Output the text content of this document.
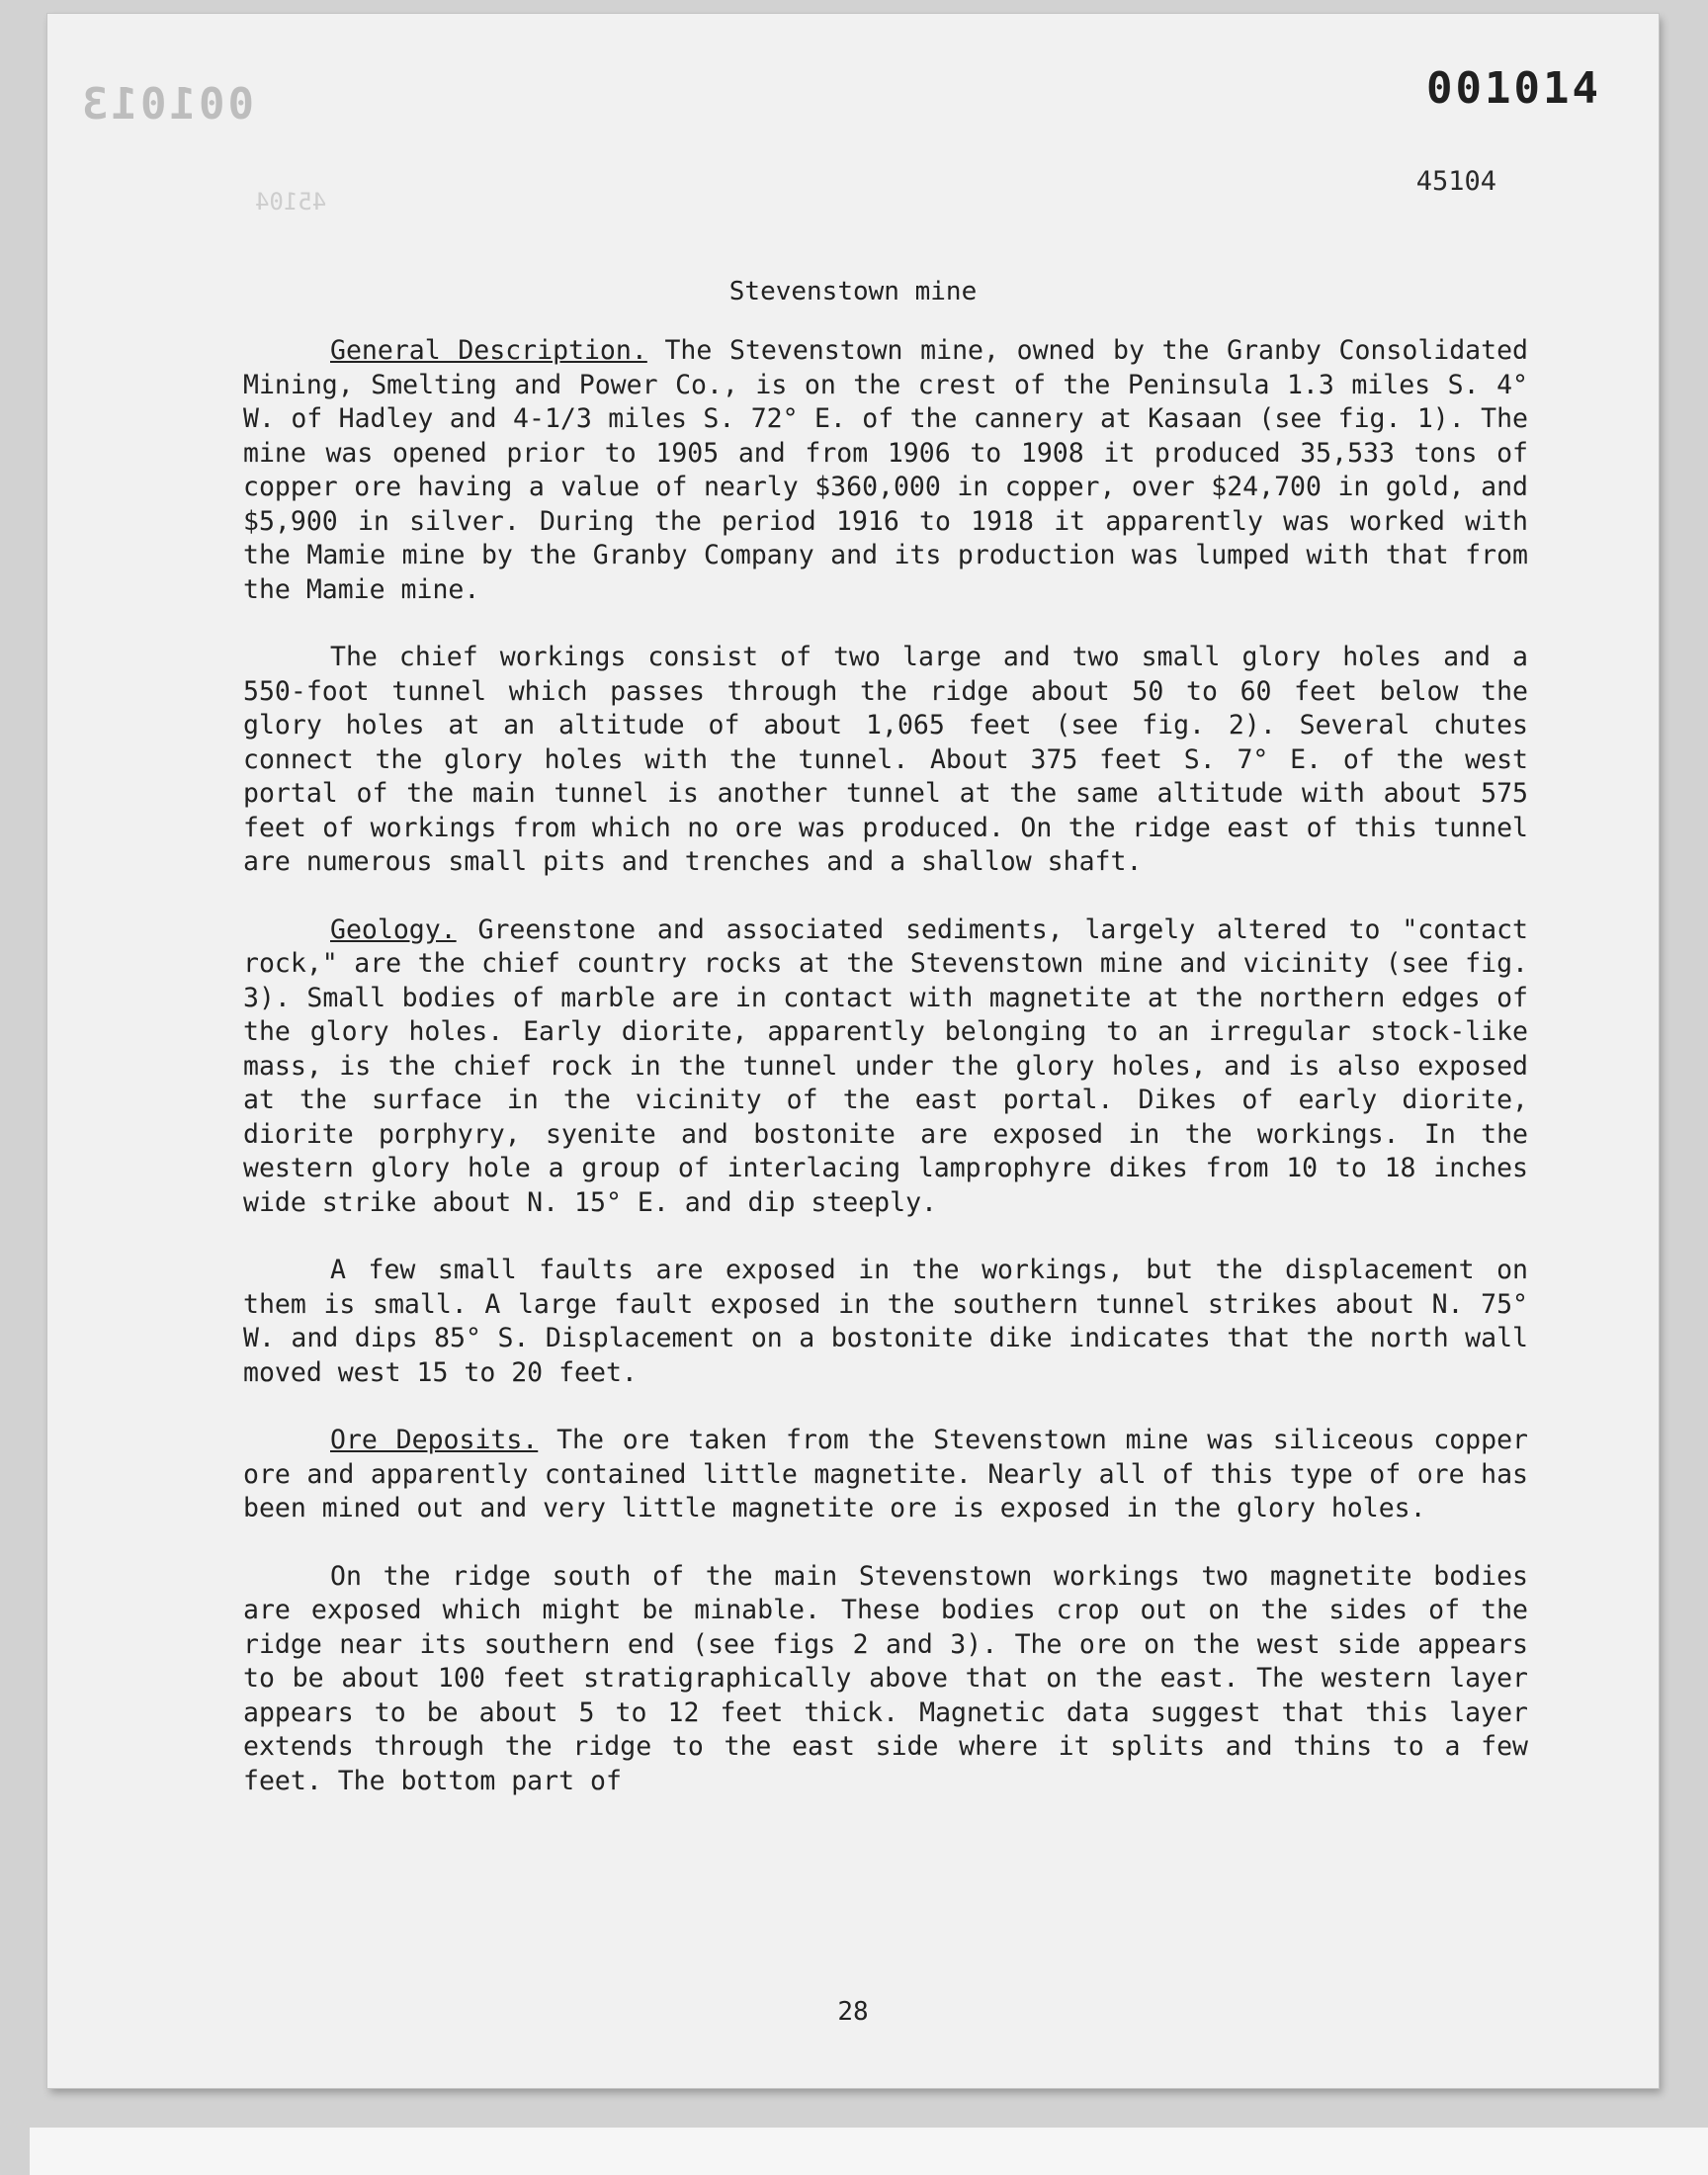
001013
45104
001014
45104
Stevenstown mine

General Description. The Stevenstown mine, owned by the Granby Consolidated Mining, Smelting and Power Co., is on the crest of the Peninsula 1.3 miles S. 4° W. of Hadley and 4-1/3 miles S. 72° E. of the cannery at Kasaan (see fig. 1). The mine was opened prior to 1905 and from 1906 to 1908 it produced 35,533 tons of copper ore having a value of nearly $360,000 in copper, over $24,700 in gold, and $5,900 in silver. During the period 1916 to 1918 it apparently was worked with the Mamie mine by the Granby Company and its production was lumped with that from the Mamie mine.

The chief workings consist of two large and two small glory holes and a 550-foot tunnel which passes through the ridge about 50 to 60 feet below the glory holes at an altitude of about 1,065 feet (see fig. 2). Several chutes connect the glory holes with the tunnel. About 375 feet S. 7° E. of the west portal of the main tunnel is another tunnel at the same altitude with about 575 feet of workings from which no ore was produced. On the ridge east of this tunnel are numerous small pits and trenches and a shallow shaft.

Geology. Greenstone and associated sediments, largely altered to "contact rock," are the chief country rocks at the Stevenstown mine and vicinity (see fig. 3). Small bodies of marble are in contact with magnetite at the northern edges of the glory holes. Early diorite, apparently belonging to an irregular stock-like mass, is the chief rock in the tunnel under the glory holes, and is also exposed at the surface in the vicinity of the east portal. Dikes of early diorite, diorite porphyry, syenite and bostonite are exposed in the workings. In the western glory hole a group of interlacing lamprophyre dikes from 10 to 18 inches wide strike about N. 15° E. and dip steeply.

A few small faults are exposed in the workings, but the displacement on them is small. A large fault exposed in the southern tunnel strikes about N. 75° W. and dips 85° S. Displacement on a bostonite dike indicates that the north wall moved west 15 to 20 feet.

Ore Deposits. The ore taken from the Stevenstown mine was siliceous copper ore and apparently contained little magnetite. Nearly all of this type of ore has been mined out and very little magnetite ore is exposed in the glory holes.

On the ridge south of the main Stevenstown workings two magnetite bodies are exposed which might be minable. These bodies crop out on the sides of the ridge near its southern end (see figs 2 and 3). The ore on the west side appears to be about 100 feet stratigraphically above that on the east. The western layer appears to be about 5 to 12 feet thick. Magnetic data suggest that this layer extends through the ridge to the east side where it splits and thins to a few feet. The bottom part of

28
